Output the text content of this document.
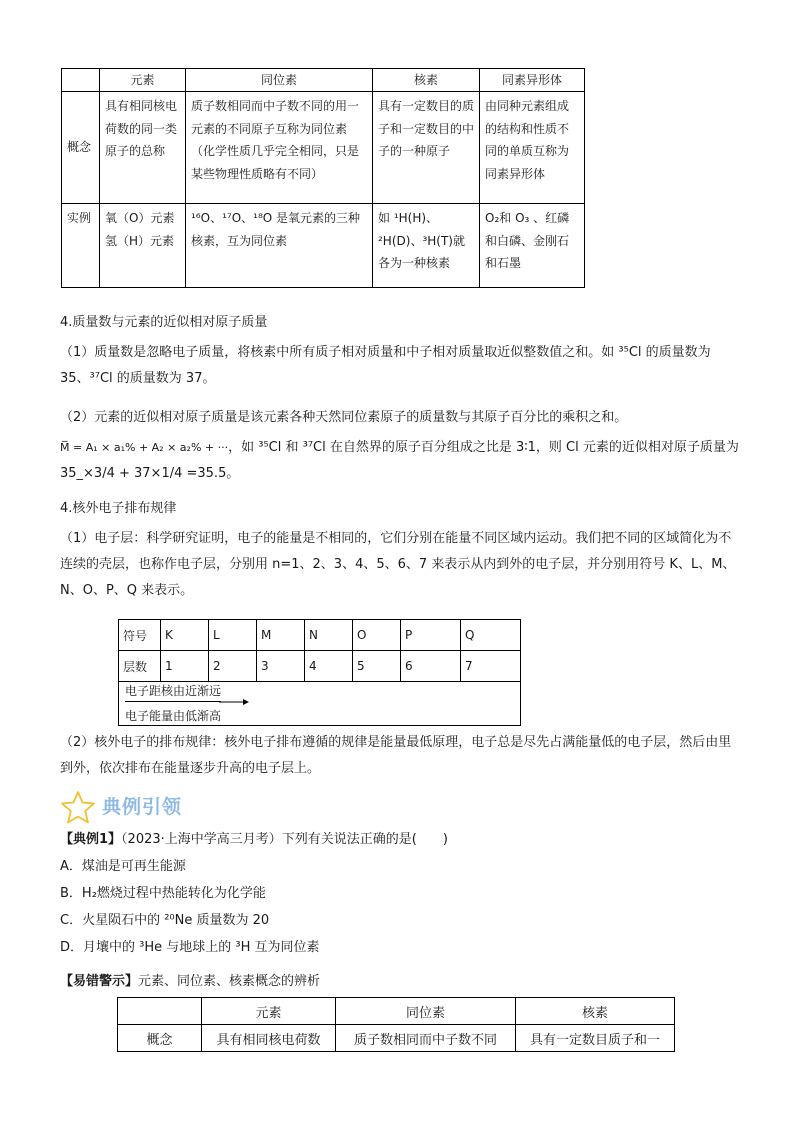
	元素	同位素	核素	同素异形体
概念	具有相同核电荷数的同一类原子的总称	质子数相同而中子数不同的用一元素的不同原子互称为同位素（化学性质几乎完全相同，只是某些物理性质略有不同）	具有一定数目的质子和一定数目的中子的一种原子	由同种元素组成的结构和性质不同的单质互称为同素异形体
实例	氧（O）元素 氢（H）元素	¹⁶O、¹⁷O、¹⁸O 是氧元素的三种核素，互为同位素	如 ¹H(H)、²H(D)、³H(T)就各为一种核素	O₂和 O₃ 、红磷和白磷、金刚石和石墨
4.质量数与元素的近似相对原子质量
（1）质量数是忽略电子质量，将核素中所有质子相对质量和中子相对质量取近似整数值之和。如 ³⁵Cl 的质量数为 35、³⁷Cl 的质量数为 37。
（2）元素的近似相对原子质量是该元素各种天然同位素原子的质量数与其原子百分比的乘积之和。
M̅ = A₁ × a₁% + A₂ × a₂% + ···，如 ³⁵Cl 和 ³⁷Cl 在自然界的原子百分组成之比是 3∶1，则 Cl 元素的近似相对原子质量为 35_×3/4 + 37×1/4 =35.5。
4.核外电子排布规律
（1）电子层：科学研究证明，电子的能量是不相同的，它们分别在能量不同区域内运动。我们把不同的区域简化为不连续的壳层，也称作电子层，分别用 n=1、2、3、4、5、6、7 来表示从内到外的电子层，并分别用符号 K、L、M、N、O、P、Q 来表示。
符号	K	L	M	N	O	P	Q
层数	1	2	3	4	5	6	7
电子距核由近渐远
电子能量由低渐高							
（2）核外电子的排布规律：核外电子排布遵循的规律是能量最低原理，电子总是尽先占满能量低的电子层，然后由里到外，依次排布在能量逐步升高的电子层上。
典例引领
【典例1】（2023·上海中学高三月考）下列有关说法正确的是(　　)
A．煤油是可再生能源
B．H₂燃烧过程中热能转化为化学能
C．火星陨石中的 ²⁰Ne 质量数为 20
D．月壤中的 ³He 与地球上的 ³H 互为同位素
【易错警示】元素、同位素、核素概念的辨析
	元素	同位素	核素
概念	具有相同核电荷数	质子数相同而中子数不同	具有一定数目质子和一
